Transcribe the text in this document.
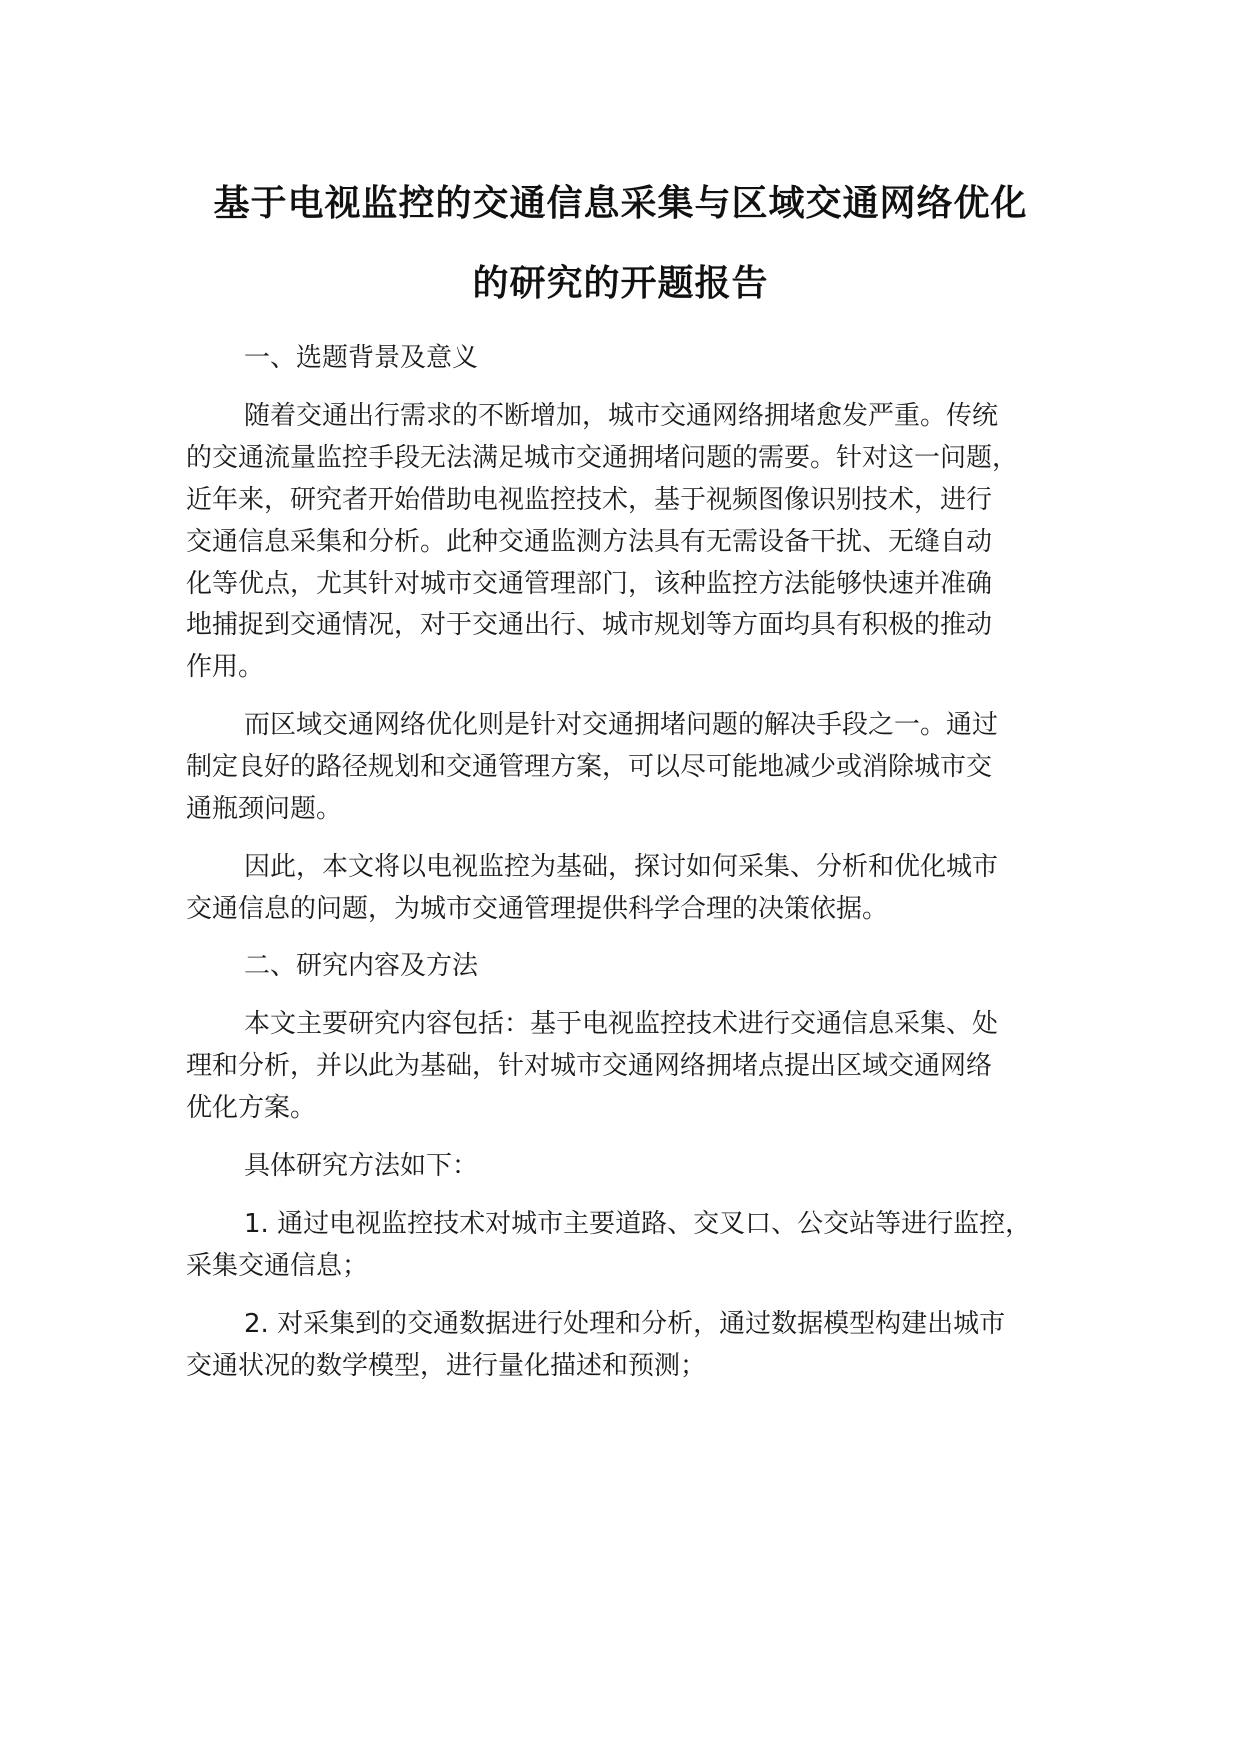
基于电视监控的交通信息采集与区域交通网络优化
的研究的开题报告
一、选题背景及意义
随着交通出行需求的不断增加，城市交通网络拥堵愈发严重。传统
的交通流量监控手段无法满足城市交通拥堵问题的需要。针对这一问题，
近年来，研究者开始借助电视监控技术，基于视频图像识别技术，进行
交通信息采集和分析。此种交通监测方法具有无需设备干扰、无缝自动
化等优点，尤其针对城市交通管理部门，该种监控方法能够快速并准确
地捕捉到交通情况，对于交通出行、城市规划等方面均具有积极的推动
作用。
而区域交通网络优化则是针对交通拥堵问题的解决手段之一。通过
制定良好的路径规划和交通管理方案，可以尽可能地减少或消除城市交
通瓶颈问题。
因此，本文将以电视监控为基础，探讨如何采集、分析和优化城市
交通信息的问题，为城市交通管理提供科学合理的决策依据。
二、研究内容及方法
本文主要研究内容包括：基于电视监控技术进行交通信息采集、处
理和分析，并以此为基础，针对城市交通网络拥堵点提出区域交通网络
优化方案。
具体研究方法如下：
1. 通过电视监控技术对城市主要道路、交叉口、公交站等进行监控，
采集交通信息；
2. 对采集到的交通数据进行处理和分析，通过数据模型构建出城市
交通状况的数学模型，进行量化描述和预测；
